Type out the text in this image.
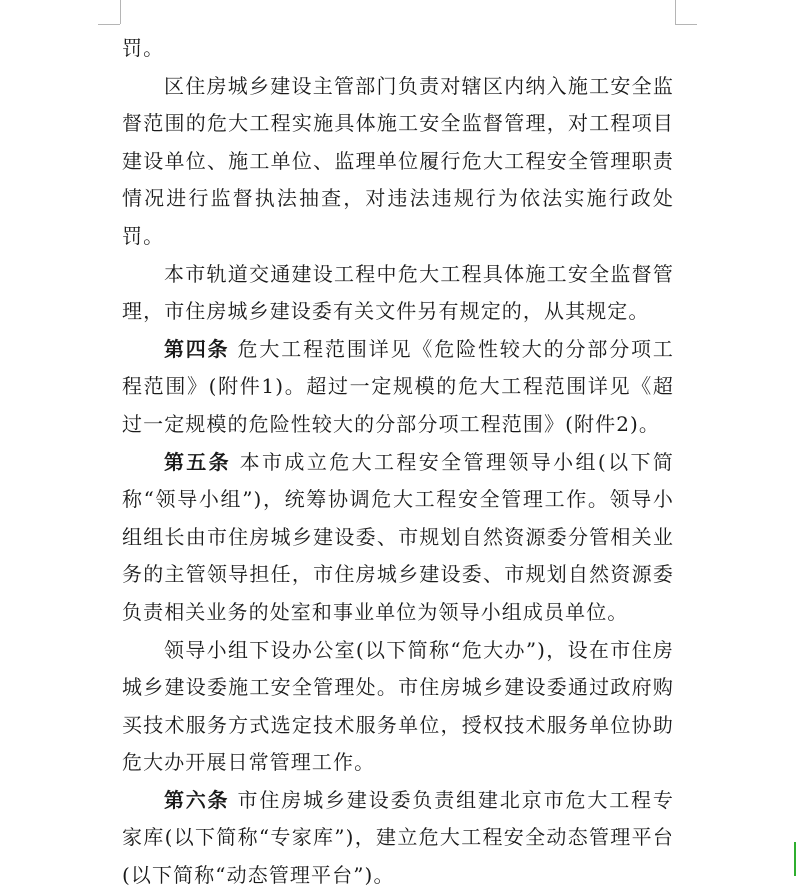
罚。

区住房城乡建设主管部门负责对辖区内纳入施工安全监督范围的危大工程实施具体施工安全监督管理，对工程项目建设单位、施工单位、监理单位履行危大工程安全管理职责情况进行监督执法抽查，对违法违规行为依法实施行政处罚。

本市轨道交通建设工程中危大工程具体施工安全监督管理，市住房城乡建设委有关文件另有规定的，从其规定。

第四条 危大工程范围详见《危险性较大的分部分项工程范围》(附件1)。超过一定规模的危大工程范围详见《超过一定规模的危险性较大的分部分项工程范围》(附件2)。

第五条 本市成立危大工程安全管理领导小组(以下简称“领导小组”)，统筹协调危大工程安全管理工作。领导小组组长由市住房城乡建设委、市规划自然资源委分管相关业务的主管领导担任，市住房城乡建设委、市规划自然资源委负责相关业务的处室和事业单位为领导小组成员单位。

领导小组下设办公室(以下简称“危大办”)，设在市住房城乡建设委施工安全管理处。市住房城乡建设委通过政府购买技术服务方式选定技术服务单位，授权技术服务单位协助危大办开展日常管理工作。

第六条 市住房城乡建设委负责组建北京市危大工程专家库(以下简称“专家库”)，建立危大工程安全动态管理平台(以下简称“动态管理平台”)。
